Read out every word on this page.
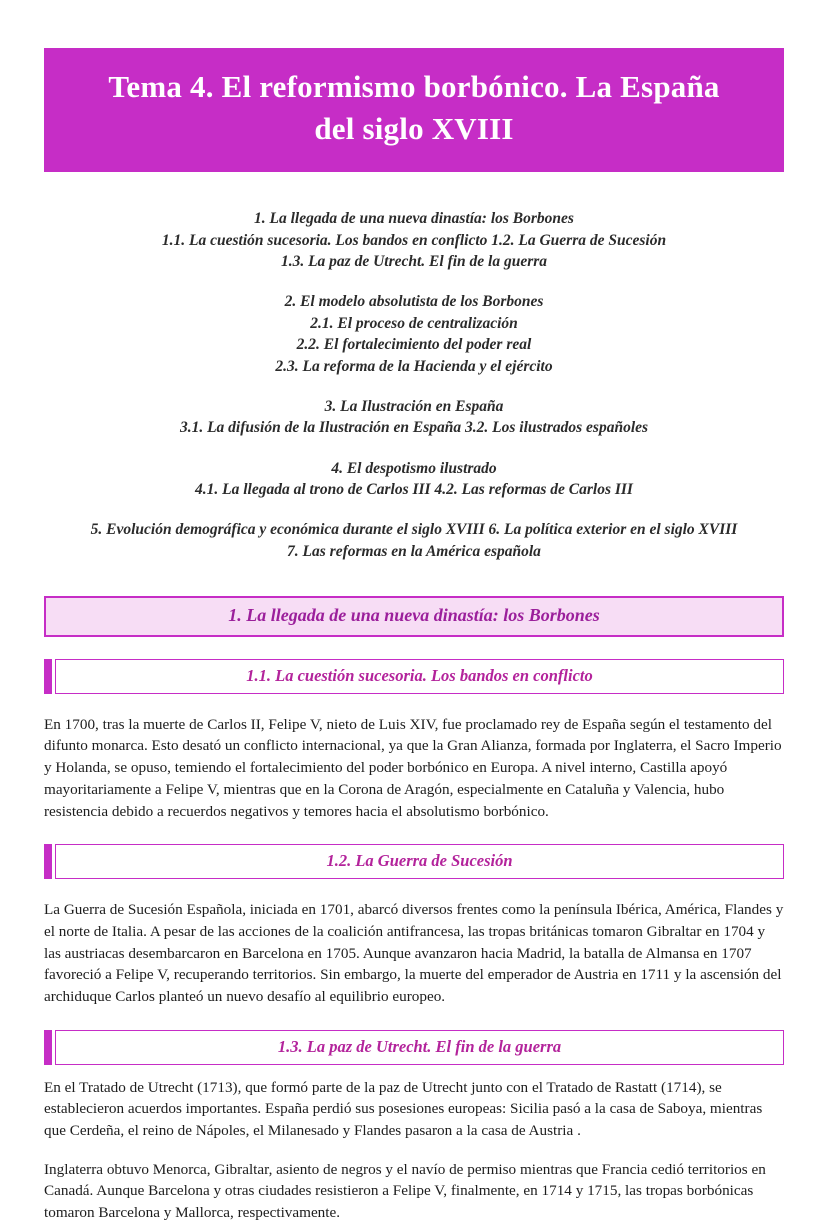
Tema 4. El reformismo borbónico. La España
del siglo XVIII
1. La llegada de una nueva dinastía: los Borbones
1.1. La cuestión sucesoria. Los bandos en conflicto 1.2. La Guerra de Sucesión
1.3. La paz de Utrecht. El fin de la guerra
2. El modelo absolutista de los Borbones
2.1. El proceso de centralización
2.2. El fortalecimiento del poder real
2.3. La reforma de la Hacienda y el ejército
3. La Ilustración en España
3.1. La difusión de la Ilustración en España 3.2. Los ilustrados españoles
4. El despotismo ilustrado
4.1. La llegada al trono de Carlos III 4.2. Las reformas de Carlos III
5. Evolución demográfica y económica durante el siglo XVIII 6. La política exterior en el siglo XVIII
7. Las reformas en la América española
1. La llegada de una nueva dinastía: los Borbones
1.1. La cuestión sucesoria. Los bandos en conflicto

En 1700, tras la muerte de Carlos II, Felipe V, nieto de Luis XIV, fue proclamado rey de España según el testamento del difunto monarca. Esto desató un conflicto internacional, ya que la Gran Alianza, formada por Inglaterra, el Sacro Imperio y Holanda, se opuso, temiendo el fortalecimiento del poder borbónico en Europa. A nivel interno, Castilla apoyó mayoritariamente a Felipe V, mientras que en la Corona de Aragón, especialmente en Cataluña y Valencia, hubo resistencia debido a recuerdos negativos y temores hacia el absolutismo borbónico.

1.2. La Guerra de Sucesión

La Guerra de Sucesión Española, iniciada en 1701, abarcó diversos frentes como la península Ibérica, América, Flandes y el norte de Italia. A pesar de las acciones de la coalición antifrancesa, las tropas británicas tomaron Gibraltar en 1704 y las austriacas desembarcaron en Barcelona en 1705. Aunque avanzaron hacia Madrid, la batalla de Almansa en 1707 favoreció a Felipe V, recuperando territorios. Sin embargo, la muerte del emperador de Austria en 1711 y la ascensión del archiduque Carlos planteó un nuevo desafío al equilibrio europeo.

1.3. La paz de Utrecht. El fin de la guerra

En el Tratado de Utrecht (1713), que formó parte de la paz de Utrecht junto con el Tratado de Rastatt (1714), se establecieron acuerdos importantes. España perdió sus posesiones europeas: Sicilia pasó a la casa de Saboya, mientras que Cerdeña, el reino de Nápoles, el Milanesado y Flandes pasaron a la casa de Austria .

Inglaterra obtuvo Menorca, Gibraltar, asiento de negros y el navío de permiso mientras que Francia cedió territorios en Canadá. Aunque Barcelona y otras ciudades resistieron a Felipe V, finalmente, en 1714 y 1715, las tropas borbónicas tomaron Barcelona y Mallorca, respectivamente.
